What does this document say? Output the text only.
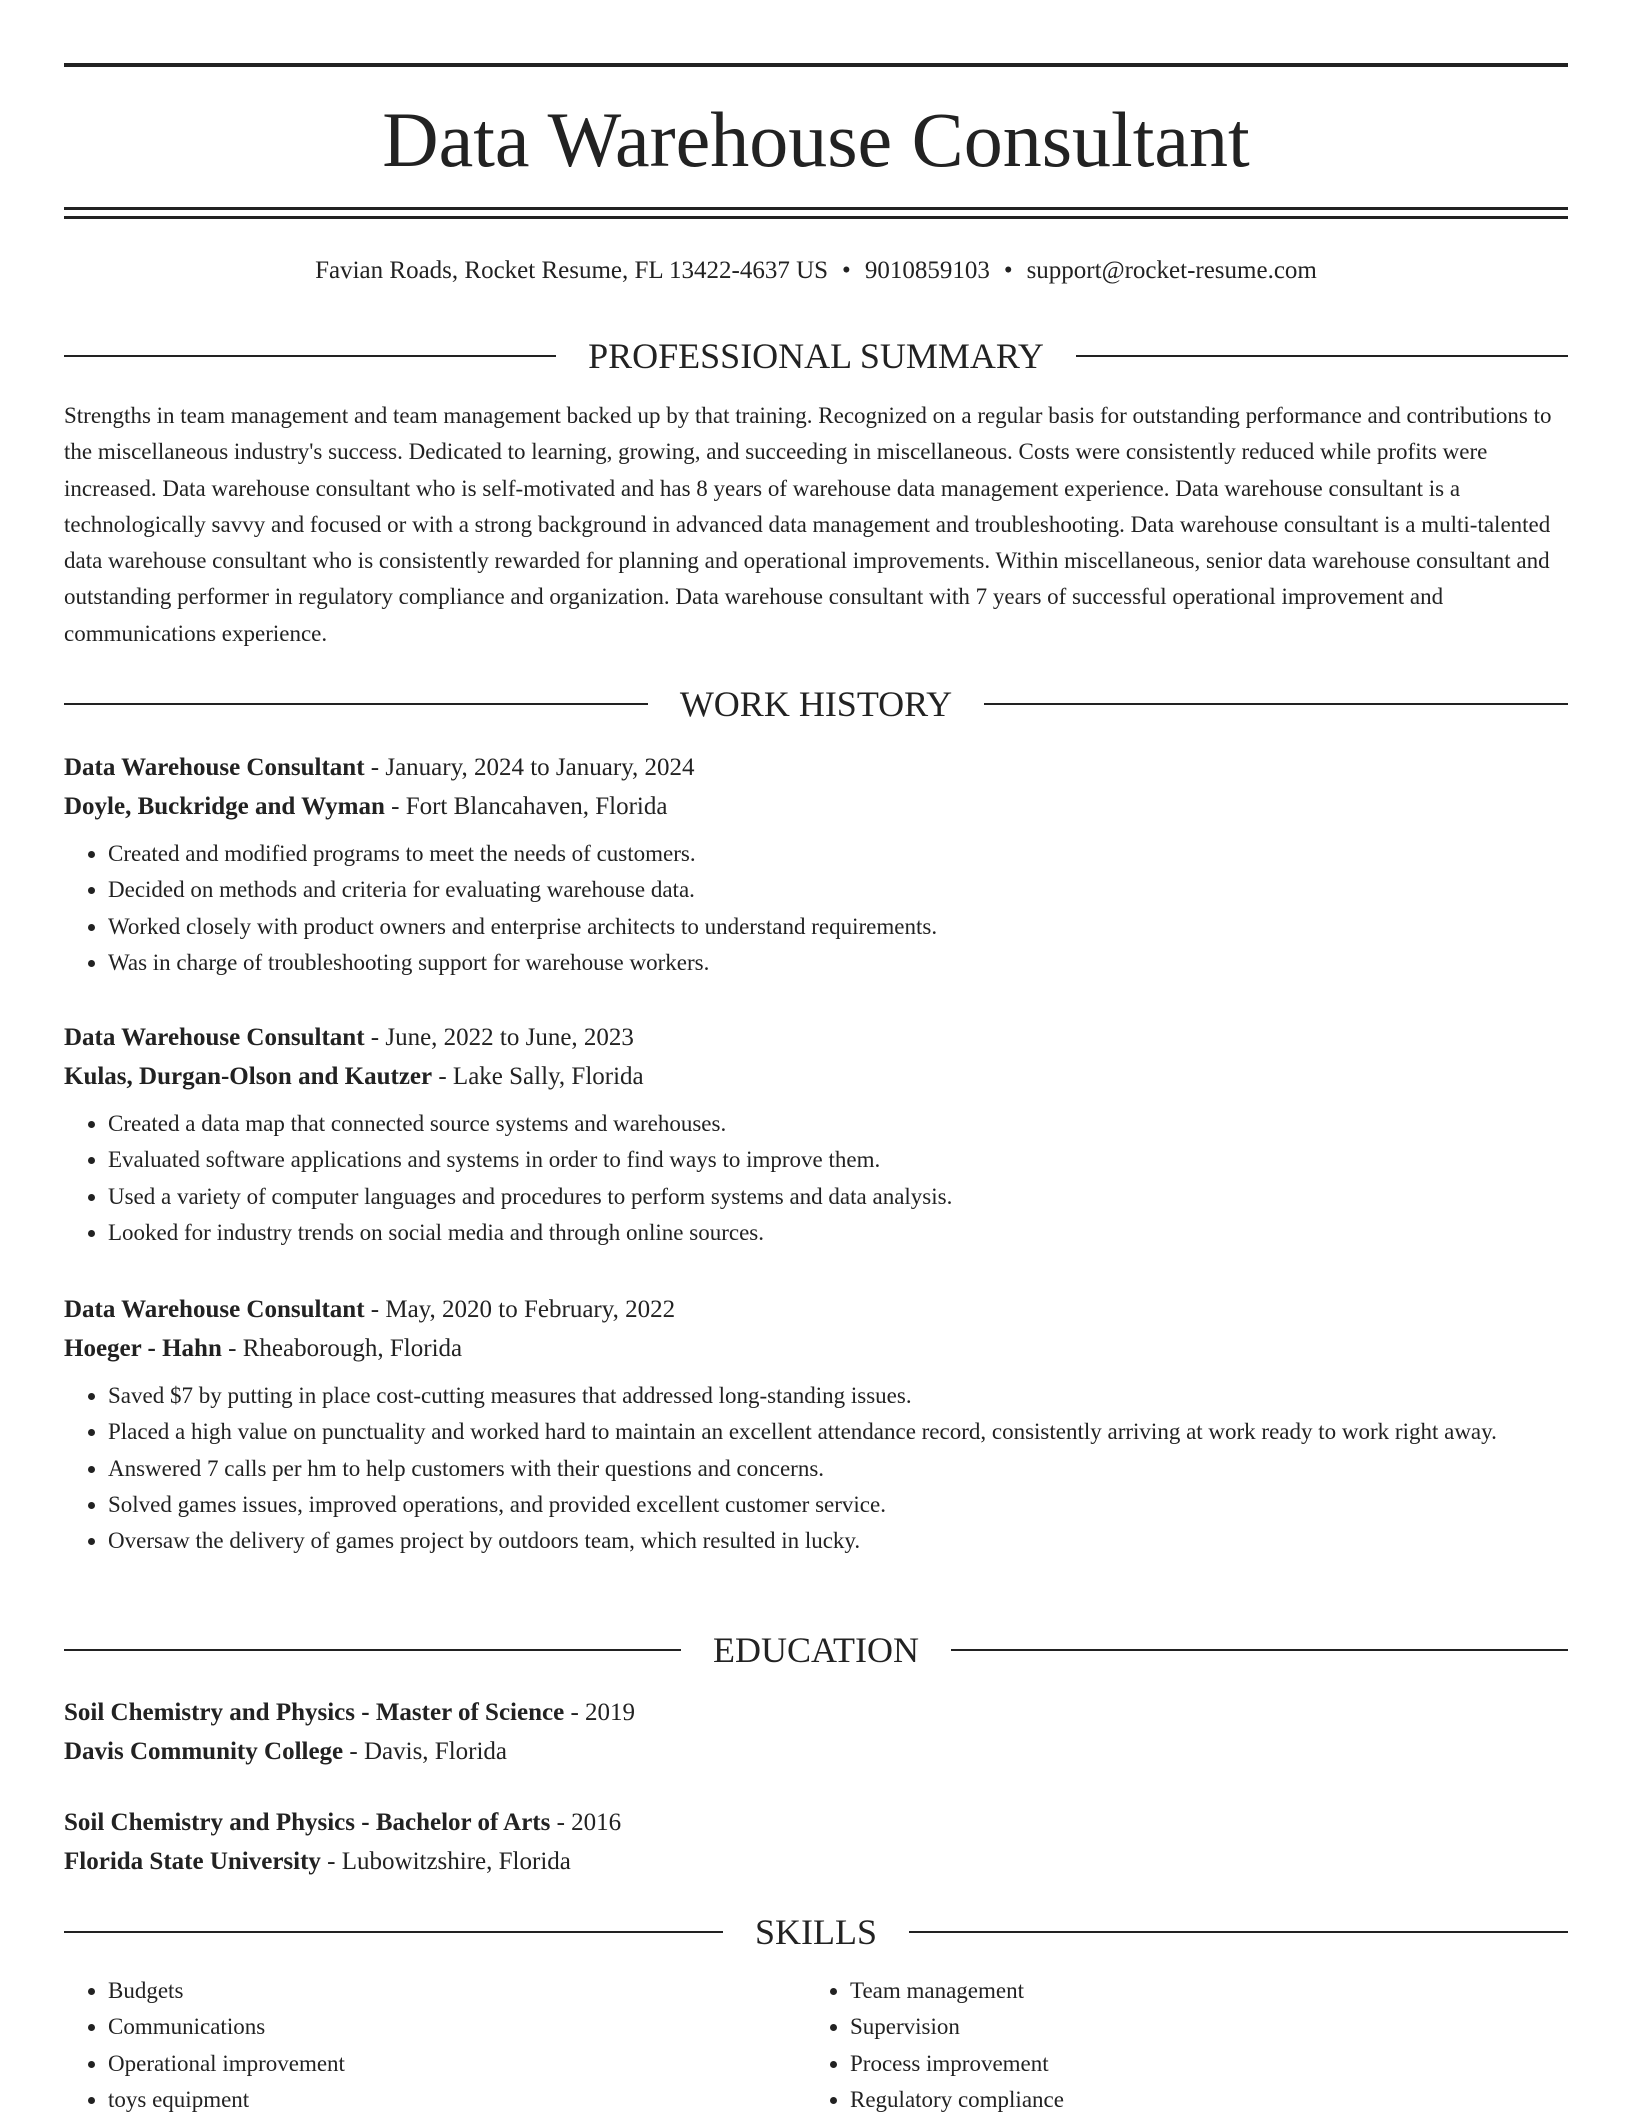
Data Warehouse Consultant
Favian Roads, Rocket Resume, FL 13422-4637 US • 9010859103 • support@rocket-resume.com
PROFESSIONAL SUMMARY
Strengths in team management and team management backed up by that training. Recognized on a regular basis for outstanding performance and contributions to the miscellaneous industry's success. Dedicated to learning, growing, and succeeding in miscellaneous. Costs were consistently reduced while profits were increased. Data warehouse consultant who is self-motivated and has 8 years of warehouse data management experience. Data warehouse consultant is a technologically savvy and focused or with a strong background in advanced data management and troubleshooting. Data warehouse consultant is a multi-talented data warehouse consultant who is consistently rewarded for planning and operational improvements. Within miscellaneous, senior data warehouse consultant and outstanding performer in regulatory compliance and organization. Data warehouse consultant with 7 years of successful operational improvement and communications experience.
WORK HISTORY
Data Warehouse Consultant - January, 2024 to January, 2024
Doyle, Buckridge and Wyman - Fort Blancahaven, Florida
• Created and modified programs to meet the needs of customers.
• Decided on methods and criteria for evaluating warehouse data.
• Worked closely with product owners and enterprise architects to understand requirements.
• Was in charge of troubleshooting support for warehouse workers.
Data Warehouse Consultant - June, 2022 to June, 2023
Kulas, Durgan-Olson and Kautzer - Lake Sally, Florida
• Created a data map that connected source systems and warehouses.
• Evaluated software applications and systems in order to find ways to improve them.
• Used a variety of computer languages and procedures to perform systems and data analysis.
• Looked for industry trends on social media and through online sources.
Data Warehouse Consultant - May, 2020 to February, 2022
Hoeger - Hahn - Rheaborough, Florida
• Saved $7 by putting in place cost-cutting measures that addressed long-standing issues.
• Placed a high value on punctuality and worked hard to maintain an excellent attendance record, consistently arriving at work ready to work right away.
• Answered 7 calls per hm to help customers with their questions and concerns.
• Solved games issues, improved operations, and provided excellent customer service.
• Oversaw the delivery of games project by outdoors team, which resulted in lucky.
EDUCATION
Soil Chemistry and Physics - Master of Science - 2019
Davis Community College - Davis, Florida
Soil Chemistry and Physics - Bachelor of Arts - 2016
Florida State University - Lubowitzshire, Florida
SKILLS
• Budgets
• Communications
• Operational improvement
• toys equipment
• Team management
• Supervision
• Process improvement
• Regulatory compliance
